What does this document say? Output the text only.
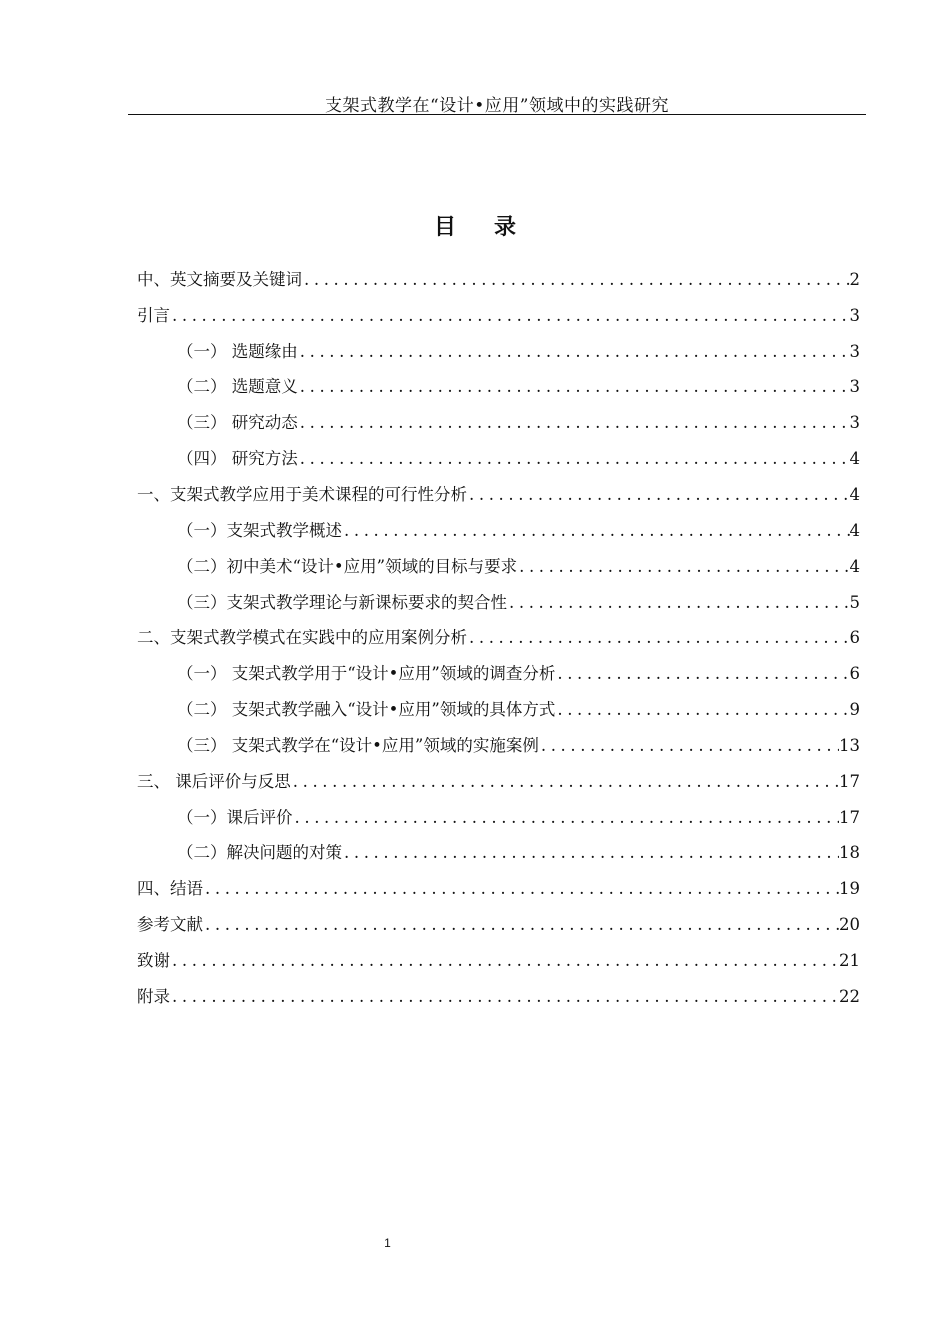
支架式教学在“设计•应用”领域中的实践研究
目录
中、英文摘要及关键词 .....	2
引言 .....	3
（一） 选题缘由 .....	3
（二） 选题意义 .....	3
（三） 研究动态 .....	3
（四） 研究方法 .....	4
一、支架式教学应用于美术课程的可行性分析 .....	4
（一）支架式教学概述 .....	4
（二）初中美术“设计•应用”领域的目标与要求 .....	4
（三）支架式教学理论与新课标要求的契合性 .....	5
二、支架式教学模式在实践中的应用案例分析 .....	6
（一） 支架式教学用于“设计•应用”领域的调查分析 .....	6
（二） 支架式教学融入“设计•应用”领域的具体方式 .....	9
（三） 支架式教学在“设计•应用”领域的实施案例 .....	13
三、 课后评价与反思 .....	17
（一）课后评价 .....	17
（二）解决问题的对策 .....	18
四、结语 .....	19
参考文献 .....	20
致谢 .....	21
附录 .....	22
1
